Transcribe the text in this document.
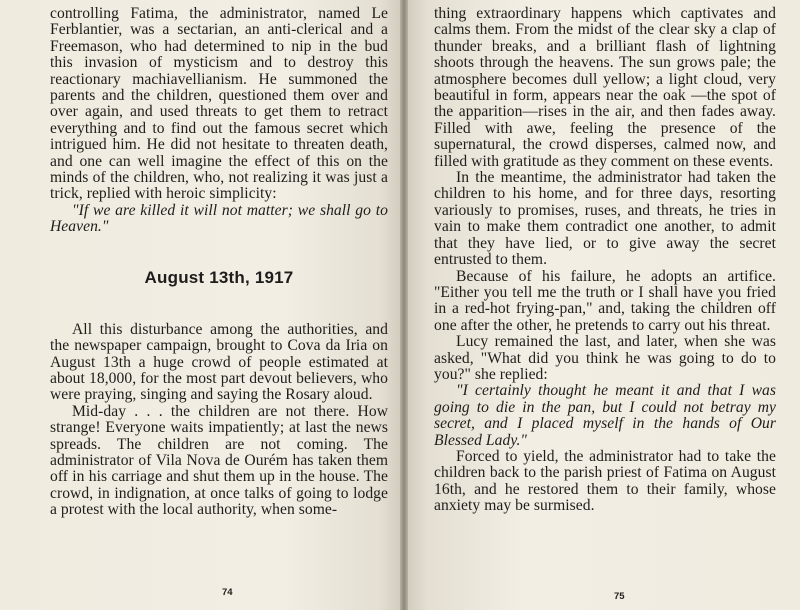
controlling Fatima, the administrator, named Le Ferblantier, was a sectarian, an anti-clerical and a Freemason, who had determined to nip in the bud this invasion of mysticism and to destroy this reactionary machiavellianism. He summoned the parents and the children, questioned them over and over again, and used threats to get them to retract everything and to find out the famous secret which intrigued him. He did not hesitate to threaten death, and one can well imagine the effect of this on the minds of the children, who, not realizing it was just a trick, replied with heroic simplicity:

"If we are killed it will not matter; we shall go to Heaven."

August 13th, 1917

All this disturbance among the authorities, and the newspaper campaign, brought to Cova da Iria on August 13th a huge crowd of people estimated at about 18,000, for the most part devout believers, who were praying, singing and saying the Rosary aloud.

Mid-day . . . the children are not there. How strange! Everyone waits impatiently; at last the news spreads. The children are not coming. The administrator of Vila Nova de Ourém has taken them off in his carriage and shut them up in the house. The crowd, in indignation, at once talks of going to lodge a protest with the local authority, when some-

74

thing extraordinary happens which captivates and calms them. From the midst of the clear sky a clap of thunder breaks, and a brilliant flash of lightning shoots through the heavens. The sun grows pale; the atmosphere becomes dull yellow; a light cloud, very beautiful in form, appears near the oak —the spot of the apparition—rises in the air, and then fades away. Filled with awe, feeling the presence of the supernatural, the crowd disperses, calmed now, and filled with gratitude as they comment on these events.

In the meantime, the administrator had taken the children to his home, and for three days, resorting variously to promises, ruses, and threats, he tries in vain to make them contradict one another, to admit that they have lied, or to give away the secret entrusted to them.

Because of his failure, he adopts an artifice. "Either you tell me the truth or I shall have you fried in a red-hot frying-pan," and, taking the children off one after the other, he pretends to carry out his threat.

Lucy remained the last, and later, when she was asked, "What did you think he was going to do to you?" she replied:

"I certainly thought he meant it and that I was going to die in the pan, but I could not betray my secret, and I placed myself in the hands of Our Blessed Lady."

Forced to yield, the administrator had to take the children back to the parish priest of Fatima on August 16th, and he restored them to their family, whose anxiety may be surmised.

75
